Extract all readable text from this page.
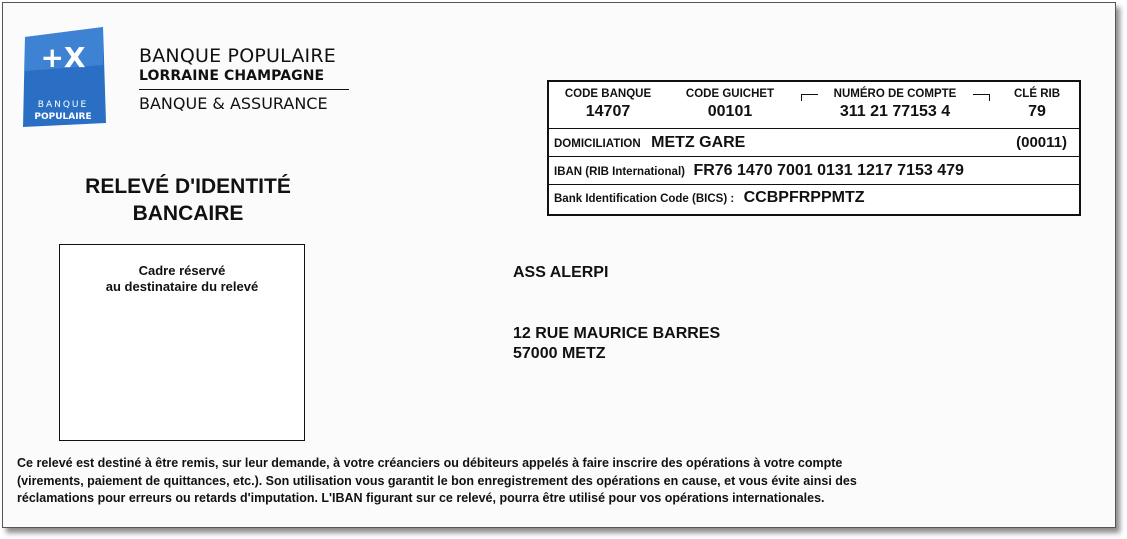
+X
BANQUE
POPULAIRE
BANQUE POPULAIRE
LORRAINE CHAMPAGNE
BANQUE & ASSURANCE
RELEVÉ D'IDENTITÉ
BANCAIRE
Cadre réservé
au destinataire du relevé
CODE BANQUE
14707
CODE GUICHET
00101
NUMÉRO DE COMPTE
311 21 77153 4
CLÉ RIB
79
DOMICILIATION METZ GARE	(00011)
IBAN (RIB International) FR76 1470 7001 0131 1217 7153 479
Bank Identification Code (BICS) : CCBPFRPPMTZ
ASS ALERPI
12 RUE MAURICE BARRES
57000 METZ
Ce relevé est destiné à être remis, sur leur demande, à votre créanciers ou débiteurs appelés à faire inscrire des opérations à votre compte
(virements, paiement de quittances, etc.). Son utilisation vous garantit le bon enregistrement des opérations en cause, et vous évite ainsi des
réclamations pour erreurs ou retards d'imputation. L'IBAN figurant sur ce relevé, pourra être utilisé pour vos opérations internationales.
